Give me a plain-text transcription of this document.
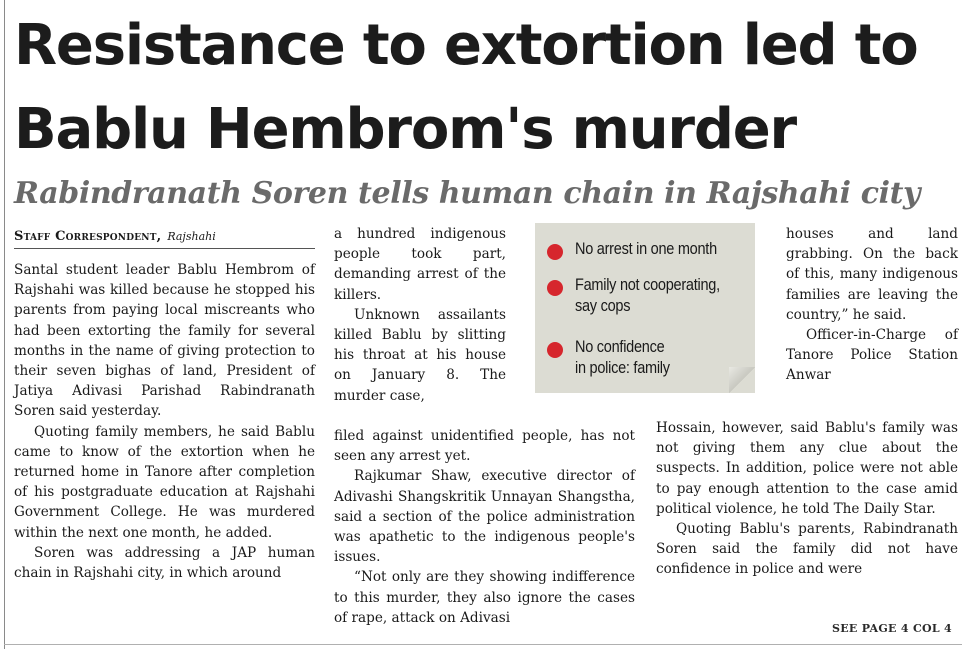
Resistance to extortion led to
Bablu Hembrom's murder
Rabindranath Soren tells human chain in Rajshahi city
Staff Correspondent, Rajshahi

Santal student leader Bablu Hembrom of Rajshahi was killed because he stopped his parents from paying local miscreants who had been extorting the family for several months in the name of giving protection to their seven bighas of land, President of Jatiya Adivasi Parishad Rabindranath Soren said yesterday.

Quoting family members, he said Bablu came to know of the extortion when he returned home in Tanore after completion of his postgraduate education at Rajshahi Government College. He was murdered within the next one month, he added.

Soren was addressing a JAP human chain in Rajshahi city, in which around

a hundred indigenous people took part, demanding arrest of the killers.

Unknown assailants killed Bablu by slitting his throat at his house on January 8. The murder case,

No arrest in one month
Family not cooperating,
say cops
No confidence
in police: family

filed against unidentified people, has not seen any arrest yet.

Rajkumar Shaw, executive director of Adivashi Shangskritik Unnayan Shangstha, said a section of the police administration was apathetic to the indigenous people's issues.

“Not only are they showing indifference to this murder, they also ignore the cases of rape, attack on Adivasi

houses and land grabbing. On the back of this, many indigenous families are leaving the country,” he said.

Officer-in-Charge of Tanore Police Station Anwar

Hossain, however, said Bablu's family was not giving them any clue about the suspects. In addition, police were not able to pay enough attention to the case amid political violence, he told The Daily Star.

Quoting Bablu's parents, Rabindranath Soren said the family did not have confidence in police and were

SEE PAGE 4 COL 4
